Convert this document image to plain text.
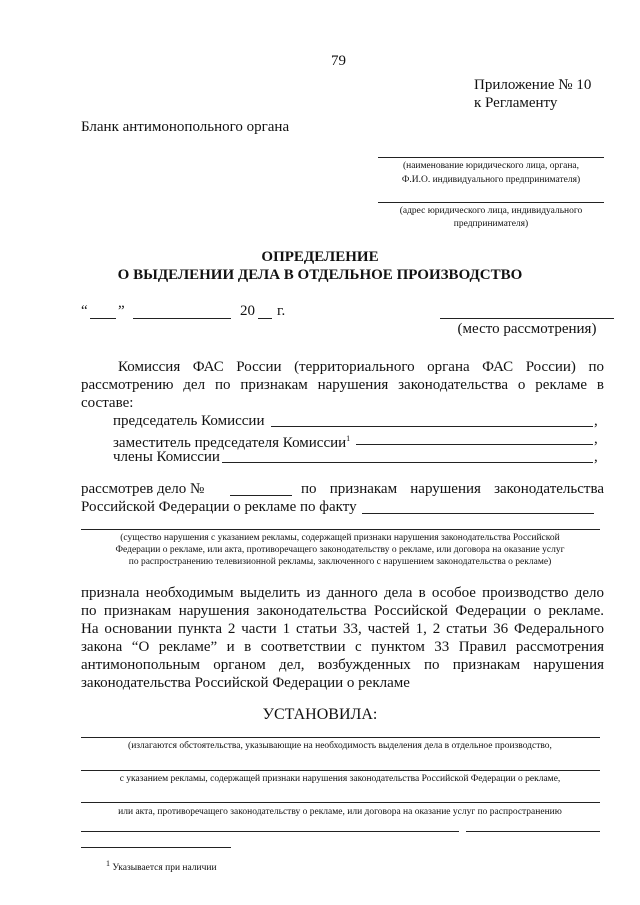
79
Приложение № 10
к Регламенту
Бланк антимонопольного органа
(наименование юридического лица, органа,
Ф.И.О. индивидуального предпринимателя)
(адрес юридического лица, индивидуального
предпринимателя)
ОПРЕДЕЛЕНИЕ
О ВЫДЕЛЕНИИ ДЕЛА В ОТДЕЛЬНОЕ ПРОИЗВОДСТВО
“ ”	20 г.
(место рассмотрения)
Комиссия ФАС России (территориального органа ФАС России) по
рассмотрению дел по признакам нарушения законодательства о рекламе в
составе:
председатель Комиссии	,
заместитель председателя Комиссии$^1$	,
члены Комиссии	,
рассмотрев дело №	по признакам нарушения законодательства
Российской Федерации о рекламе по факту
(существо нарушения с указанием рекламы, содержащей признаки нарушения законодательства Российской
Федерации о рекламе, или акта, противоречащего законодательству о рекламе, или договора на оказание услуг
по распространению телевизионной рекламы, заключенного с нарушением законодательства о рекламе)
признала необходимым выделить из данного дела в особое производство дело
по признакам нарушения законодательства Российской Федерации о рекламе.
На основании пункта 2 части 1 статьи 33, частей 1, 2 статьи 36 Федерального
закона “О рекламе” и в соответствии с пунктом 33 Правил рассмотрения
антимонопольным органом дел, возбужденных по признакам нарушения
законодательства Российской Федерации о рекламе
УСТАНОВИЛА:
(излагаются обстоятельства, указывающие на необходимость выделения дела в отдельное производство,
с указанием рекламы, содержащей признаки нарушения законодательства Российской Федерации о рекламе,
или акта, противоречащего законодательству о рекламе, или договора на оказание услуг по распространению
$^1$ Указывается при наличии
